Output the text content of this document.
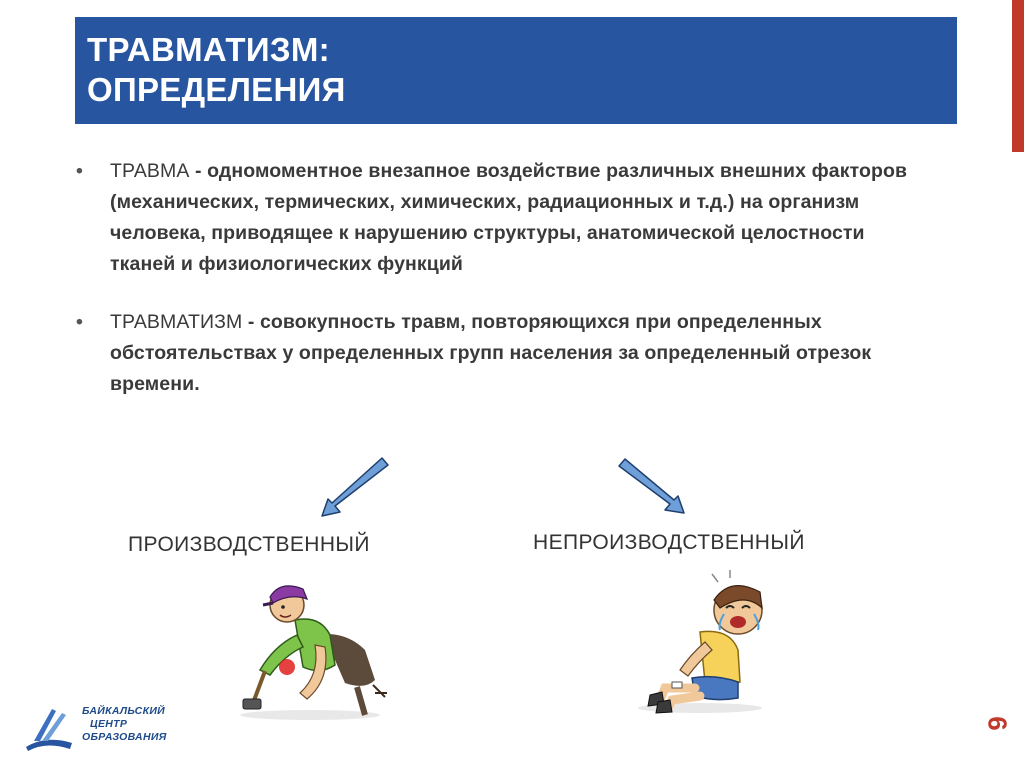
ТРАВМАТИЗМ:
ОПРЕДЕЛЕНИЯ
• ТРАВМА - одномоментное внезапное воздействие различных внешних факторов (механических, термических, химических, радиационных и т.д.) на организм человека, приводящее к нарушению структуры, анатомической целостности тканей и физиологических функций
• ТРАВМАТИЗМ - совокупность травм, повторяющихся при определенных обстоятельствах у определенных групп населения за определенный отрезок времени.
ПРОИЗВОДСТВЕННЫЙ	НЕПРОИЗВОДСТВЕННЫЙ
БАЙКАЛЬСКИЙ
ЦЕНТР
ОБРАЗОВАНИЯ
6
